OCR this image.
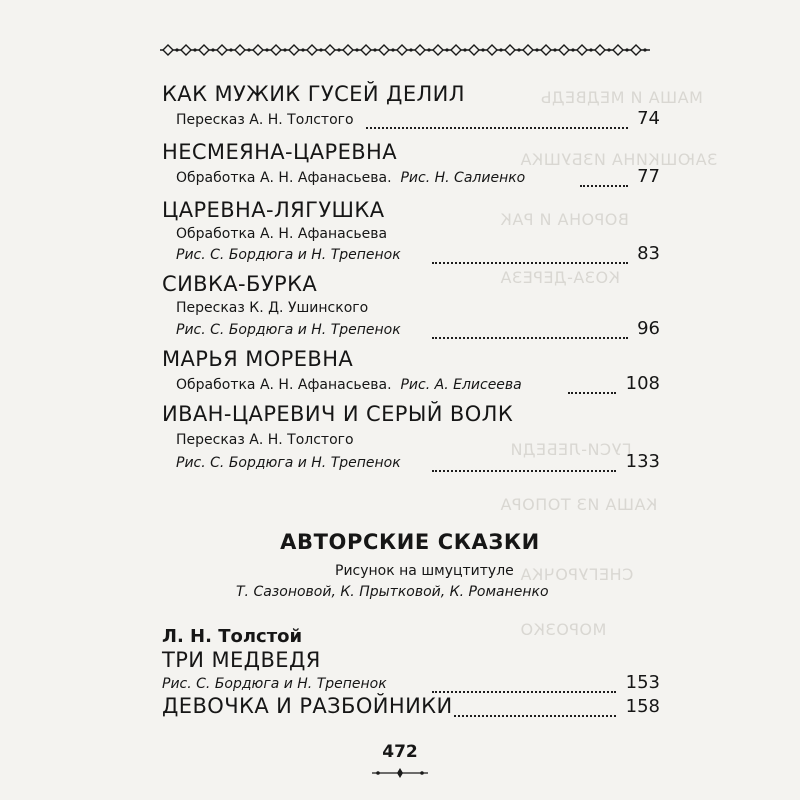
МАША И МЕДВЕДЬ
ЗАЮШКИНА ИЗБУШКА
ВОРОНА И РАК
КОЗА-ДЕРЕЗА
ГУСИ-ЛЕБЕДИ
КАША ИЗ ТОПОРА
СНЕГУРОЧКА
МОРОЗКО
КАК МУЖИК ГУСЕЙ ДЕЛИЛ
Пересказ А. Н. Толстого	74
НЕСМЕЯНА-ЦАРЕВНА
Обработка А. Н. Афанасьева. Рис. Н. Салиенко	77
ЦАРЕВНА-ЛЯГУШКА
Обработка А. Н. Афанасьева
Рис. С. Бордюга и Н. Трепенок	83
СИВКА-БУРКА
Пересказ К. Д. Ушинского
Рис. С. Бордюга и Н. Трепенок	96
МАРЬЯ МОРЕВНА
Обработка А. Н. Афанасьева. Рис. А. Елисеева	108
ИВАН-ЦАРЕВИЧ И СЕРЫЙ ВОЛК
Пересказ А. Н. Толстого
Рис. С. Бордюга и Н. Трепенок	133
АВТОРСКИЕ СКАЗКИ
Рисунок на шмуцтитуле
Т. Сазоновой, К. Прытковой, К. Романенко
Л. Н. Толстой
ТРИ МЕДВЕДЯ
Рис. С. Бордюга и Н. Трепенок	153
ДЕВОЧКА И РАЗБОЙНИКИ	158
472
